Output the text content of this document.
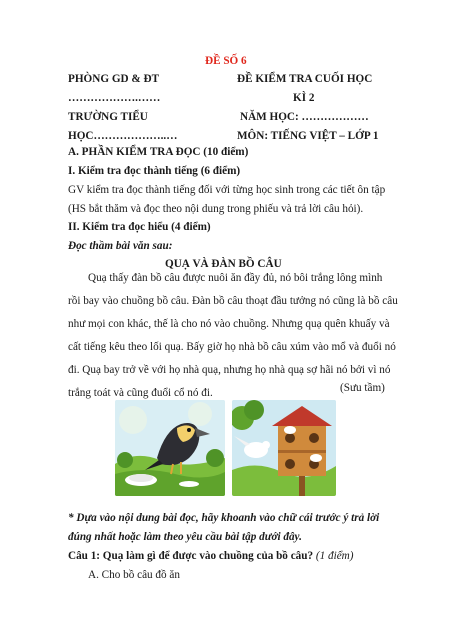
ĐỀ SỐ 6
PHÒNG GD & ĐT
……………….……
TRƯỜNG TIỂU
HỌC………………..…
ĐỀ KIỂM TRA CUỐI HỌC
KÌ 2
NĂM HỌC: ………………
MÔN: TIẾNG VIỆT – LỚP 1
A. PHẦN KIỂM TRA ĐỌC (10 điểm)
I. Kiểm tra đọc thành tiếng (6 điểm)
GV kiểm tra đọc thành tiếng đối với từng học sinh trong các tiết ôn tập
(HS bắt thăm và đọc theo nội dung trong phiếu và trả lời câu hỏi).
II. Kiểm tra đọc hiểu (4 điểm)
Đọc thầm bài văn sau:
QUẠ VÀ ĐÀN BỒ CÂU
Quạ thấy đàn bồ câu được nuôi ăn đầy đủ, nó bôi trắng lông mình
rồi bay vào chuồng bồ câu. Đàn bồ câu thoạt đầu tưởng nó cũng là bồ câu
như mọi con khác, thế là cho nó vào chuồng. Nhưng quạ quên khuấy và
cất tiếng kêu theo lối quạ. Bấy giờ họ nhà bồ câu xúm vào mổ và đuổi nó
đi. Quạ bay trở về với họ nhà quạ, nhưng họ nhà quạ sợ hãi nó bởi vì nó
trắng toát và cũng đuổi cổ nó đi.	(Sưu tầm)
* Dựa vào nội dung bài đọc, hãy khoanh vào chữ cái trước ý trả lời
đúng nhất hoặc làm theo yêu cầu bài tập dưới đây.
Câu 1: Quạ làm gì để được vào chuồng của bồ câu? (1 điểm)
A. Cho bồ câu đồ ăn
